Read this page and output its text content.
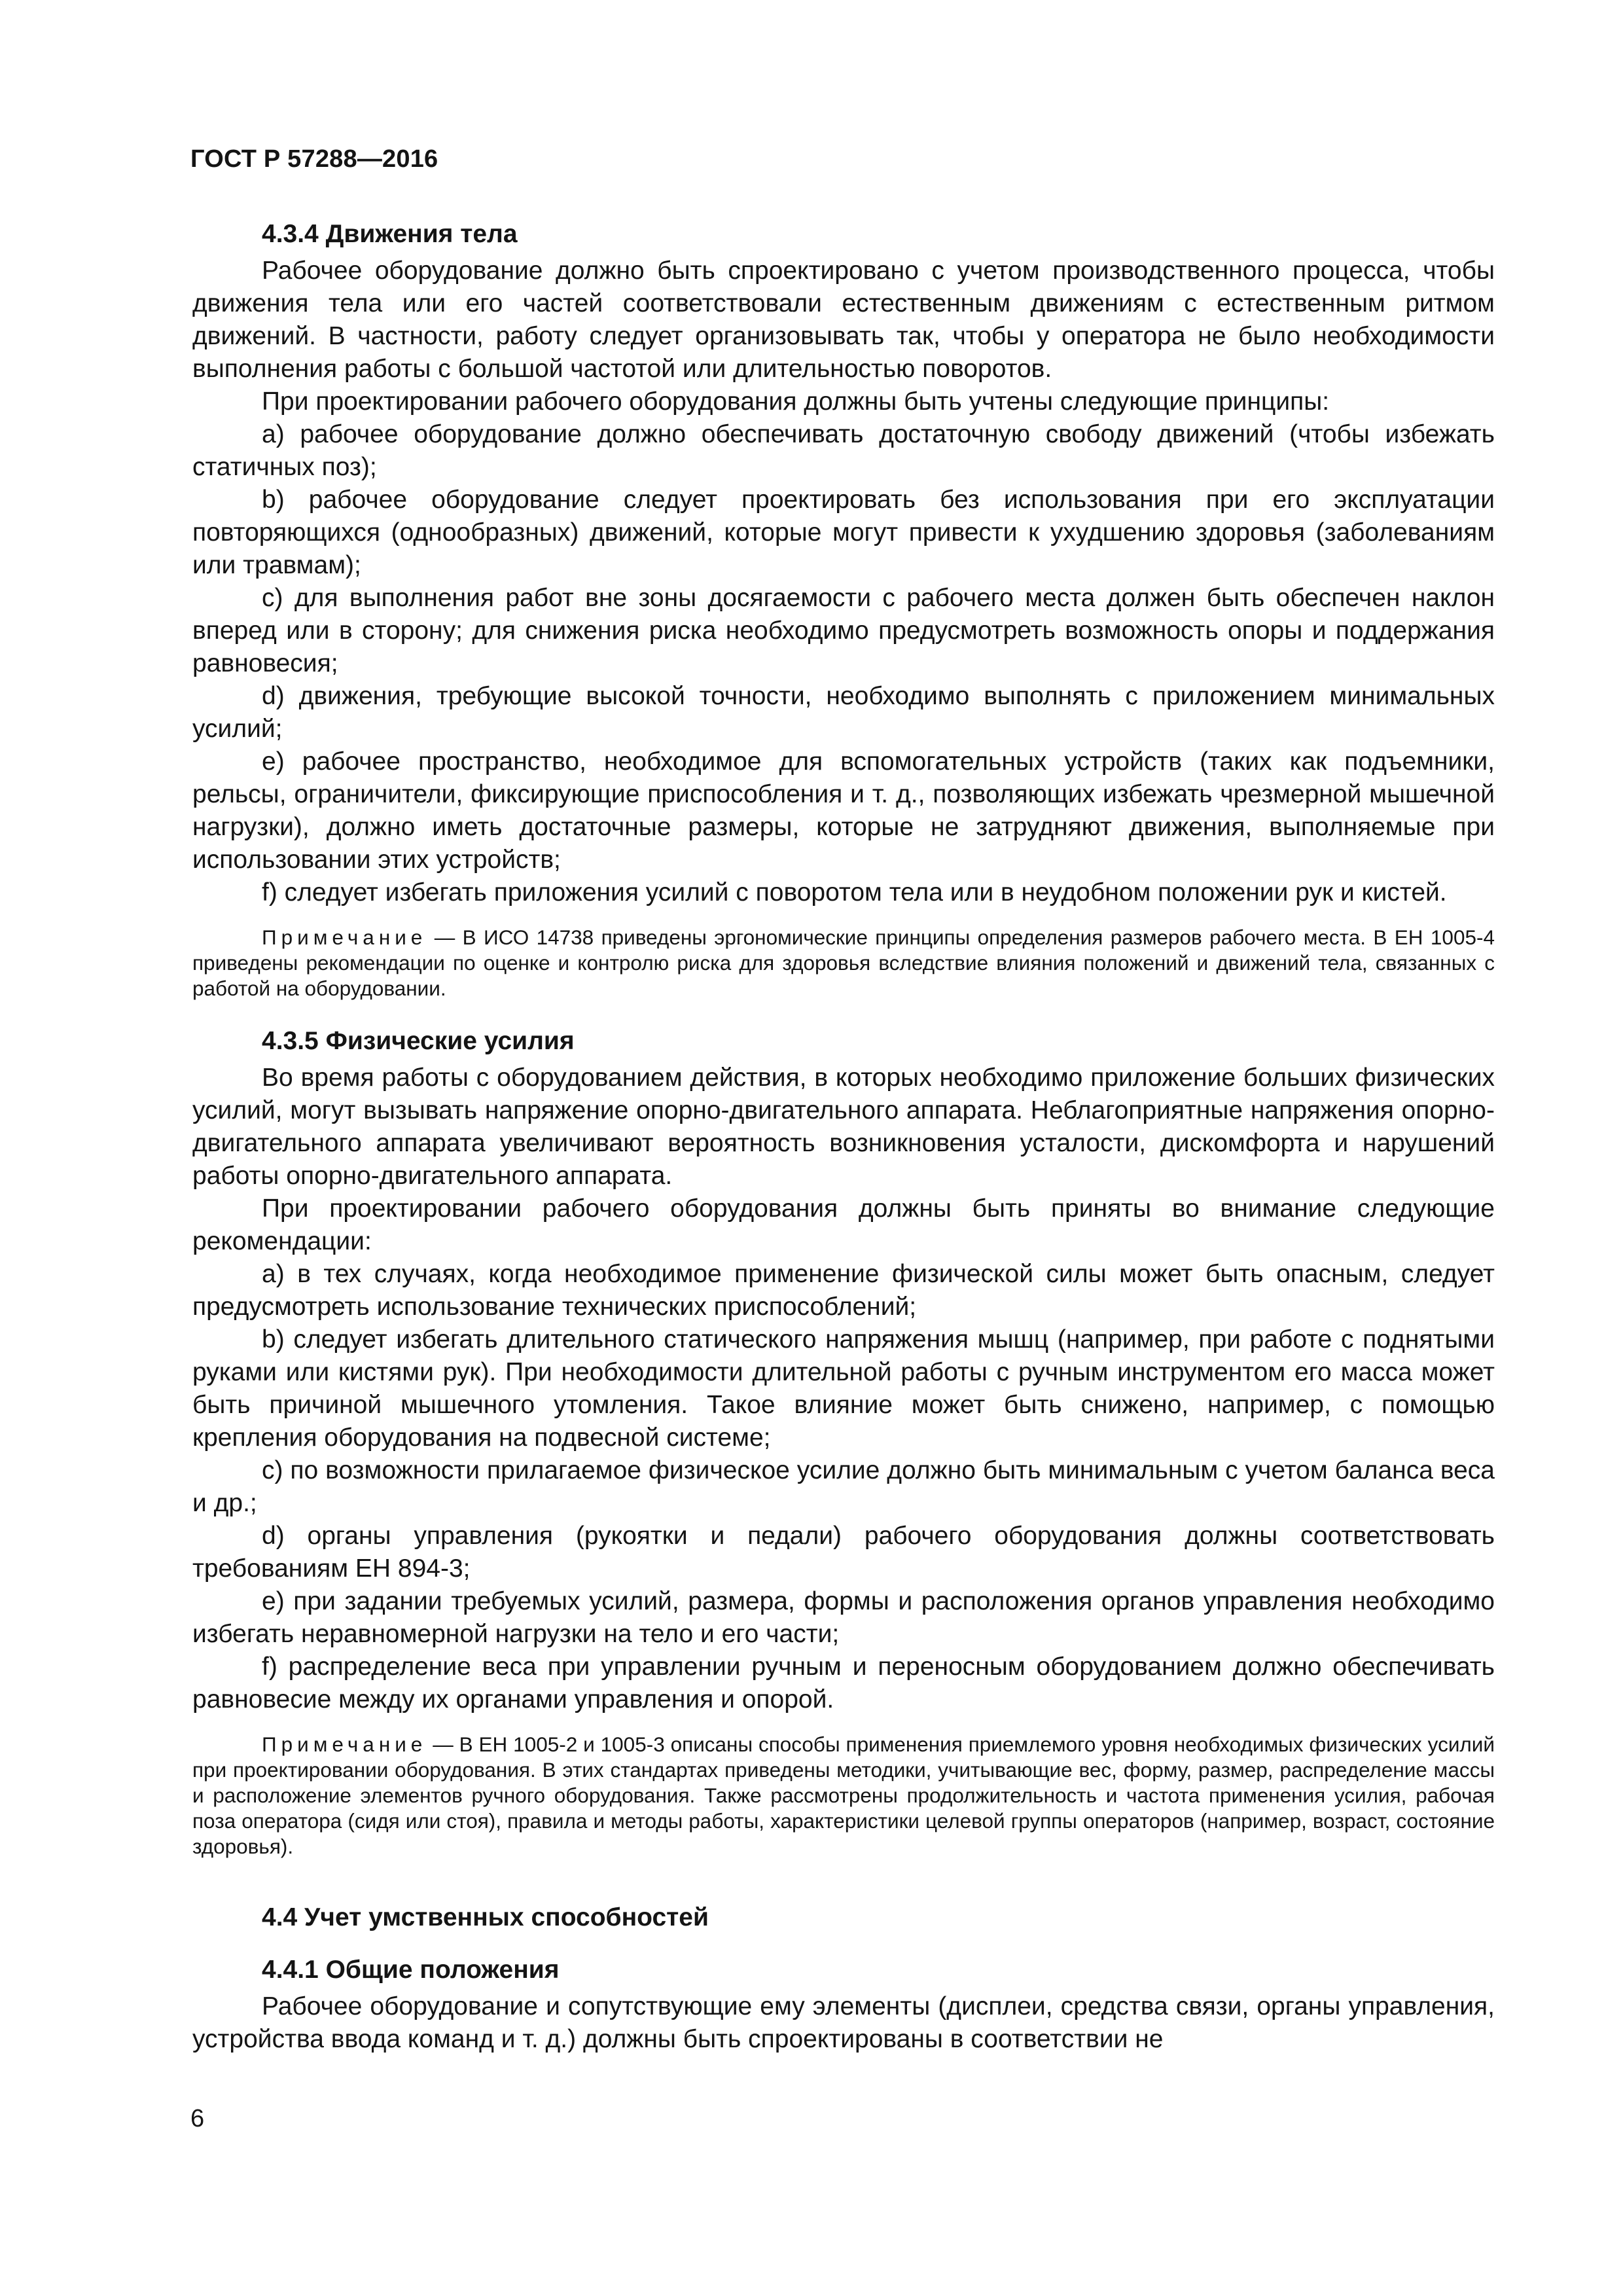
ГОСТ Р 57288—2016

4.3.4 Движения тела

Рабочее оборудование должно быть спроектировано с учетом производственного процесса, чтобы движения тела или его частей соответствовали естественным движениям с естественным ритмом движений. В частности, работу следует организовывать так, чтобы у оператора не было необходимости выполнения работы с большой частотой или длительностью поворотов.

При проектировании рабочего оборудования должны быть учтены следующие принципы:

a) рабочее оборудование должно обеспечивать достаточную свободу движений (чтобы избежать статичных поз);

b) рабочее оборудование следует проектировать без использования при его эксплуатации повторяющихся (однообразных) движений, которые могут привести к ухудшению здоровья (заболеваниям или травмам);

c) для выполнения работ вне зоны досягаемости с рабочего места должен быть обеспечен наклон вперед или в сторону; для снижения риска необходимо предусмотреть возможность опоры и поддержания равновесия;

d) движения, требующие высокой точности, необходимо выполнять с приложением минимальных усилий;

e) рабочее пространство, необходимое для вспомогательных устройств (таких как подъемники, рельсы, ограничители, фиксирующие приспособления и т. д., позволяющих избежать чрезмерной мышечной нагрузки), должно иметь достаточные размеры, которые не затрудняют движения, выполняемые при использовании этих устройств;

f) следует избегать приложения усилий с поворотом тела или в неудобном положении рук и кистей.

Примечание — В ИСО 14738 приведены эргономические принципы определения размеров рабочего места. В ЕН 1005-4 приведены рекомендации по оценке и контролю риска для здоровья вследствие влияния положений и движений тела, связанных с работой на оборудовании.

4.3.5 Физические усилия

Во время работы с оборудованием действия, в которых необходимо приложение больших физических усилий, могут вызывать напряжение опорно-двигательного аппарата. Неблагоприятные напряжения опорно-двигательного аппарата увеличивают вероятность возникновения усталости, дискомфорта и нарушений работы опорно-двигательного аппарата.

При проектировании рабочего оборудования должны быть приняты во внимание следующие рекомендации:

a) в тех случаях, когда необходимое применение физической силы может быть опасным, следует предусмотреть использование технических приспособлений;

b) следует избегать длительного статического напряжения мышц (например, при работе с поднятыми руками или кистями рук). При необходимости длительной работы с ручным инструментом его масса может быть причиной мышечного утомления. Такое влияние может быть снижено, например, с помощью крепления оборудования на подвесной системе;

c) по возможности прилагаемое физическое усилие должно быть минимальным с учетом баланса веса и др.;

d) органы управления (рукоятки и педали) рабочего оборудования должны соответствовать требованиям ЕН 894-3;

e) при задании требуемых усилий, размера, формы и расположения органов управления необходимо избегать неравномерной нагрузки на тело и его части;

f) распределение веса при управлении ручным и переносным оборудованием должно обеспечивать равновесие между их органами управления и опорой.

Примечание — В ЕН 1005-2 и 1005-3 описаны способы применения приемлемого уровня необходимых физических усилий при проектировании оборудования. В этих стандартах приведены методики, учитывающие вес, форму, размер, распределение массы и расположение элементов ручного оборудования. Также рассмотрены продолжительность и частота применения усилия, рабочая поза оператора (сидя или стоя), правила и методы работы, характеристики целевой группы операторов (например, возраст, состояние здоровья).

4.4 Учет умственных способностей

4.4.1 Общие положения

Рабочее оборудование и сопутствующие ему элементы (дисплеи, средства связи, органы управления, устройства ввода команд и т. д.) должны быть спроектированы в соответствии не

6
